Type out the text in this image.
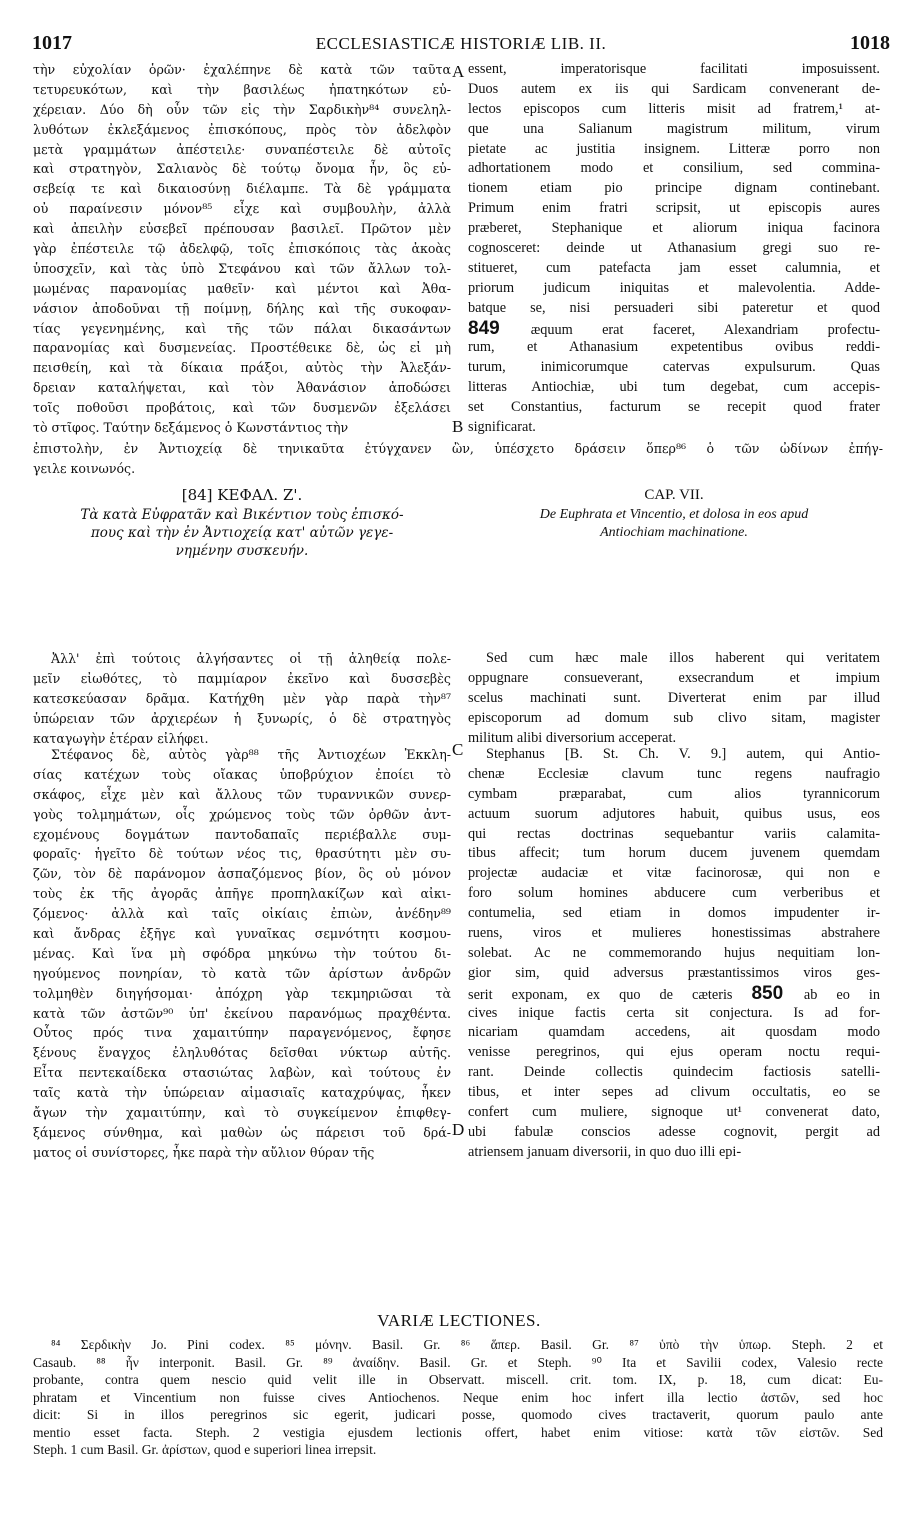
1017	ECCLESIASTICÆ HISTORIÆ LIB. II.	1018
τὴν εὐχολίαν ὁρῶν· ἐχαλέπηνε δὲ κατὰ τῶν ταῦτα
τετυρευκότων, καὶ τὴν βασιλέως ἠπατηκότων εὐ-
χέρειαν. Δύο δὴ οὖν τῶν εἰς τὴν Σαρδικὴν⁸⁴ συνεληλ-
λυθότων ἐκλεξάμενος ἐπισκόπους, πρὸς τὸν ἀδελφὸν
μετὰ γραμμάτων ἀπέστειλε· συναπέστειλε δὲ αὐτοῖς
καὶ στρατηγὸν, Σαλιανὸς δὲ τούτῳ ὄνομα ἦν, ὃς εὐ-
σεβείᾳ τε καὶ δικαιοσύνῃ διέλαμπε. Τὰ δὲ γράμματα
οὐ παραίνεσιν μόνον⁸⁵ εἶχε καὶ συμβουλὴν, ἀλλὰ
καὶ ἀπειλὴν εὐσεβεῖ πρέπουσαν βασιλεῖ. Πρῶτον μὲν
γὰρ ἐπέστειλε τῷ ἀδελφῷ, τοῖς ἐπισκόποις τὰς ἀκοὰς
ὑποσχεῖν, καὶ τὰς ὑπὸ Στεφάνου καὶ τῶν ἄλλων τολ-
μωμένας παρανομίας μαθεῖν· καὶ μέντοι καὶ Ἀθα-
νάσιον ἀποδοῦναι τῇ ποίμνῃ, δήλης καὶ τῆς συκοφαν-
τίας γεγενημένης, καὶ τῆς τῶν πάλαι δικασάντων
παρανομίας καὶ δυσμενείας. Προστέθεικε δὲ, ὡς εἰ μὴ
πεισθείη, καὶ τὰ δίκαια πράξοι, αὐτὸς τὴν Ἀλεξάν-
δρειαν καταλήψεται, καὶ τὸν Ἀθανάσιον ἀποδώσει
τοῖς ποθοῦσι προβάτοις, καὶ τῶν δυσμενῶν ἐξελάσει
τὸ στῖφος. Ταύτην δεξάμενος ὁ Κωνστάντιος τὴν
essent, imperatorisque facilitati imposuissent.
Duos autem ex iis qui Sardicam convenerant de-
lectos episcopos cum litteris misit ad fratrem,¹ at-
que una Salianum magistrum militum, virum
pietate ac justitia insignem. Litteræ porro non
adhortationem modo et consilium, sed commina-
tionem etiam pio principe dignam continebant.
Primum enim fratri scripsit, ut episcopis aures
præberet, Stephanique et aliorum iniqua facinora
cognosceret: deinde ut Athanasium gregi suo re-
stitueret, cum patefacta jam esset calumnia, et
priorum judicum iniquitas et malevolentia. Adde-
batque se, nisi persuaderi sibi pateretur et quod
849 æquum erat faceret, Alexandriam profectu-
rum, et Athanasium expetentibus ovibus reddi-
turum, inimicorumque catervas expulsurum. Quas
litteras Antiochiæ, ubi tum degebat, cum accepis-
set Constantius, facturum se recepit quod frater
significarat.
A
B
ἐπιστολὴν, ἐν Ἀντιοχείᾳ δὲ τηνικαῦτα ἐτύγχανεν ὢν, ὑπέσχετο δράσειν ὅπερ⁸⁶ ὁ τῶν ὠδίνων ἐπήγ-
γειλε κοινωνός.
[84] ΚΕΦΑΛ. Ζ'.
Τὰ κατὰ Εὐφρατᾶν καὶ Βικέντιον τοὺς ἐπισκό-
πους καὶ τὴν ἐν Ἀντιοχείᾳ κατ' αὐτῶν γεγε-
νημένην συσκευήν.
CAP. VII.
De Euphrata et Vincentio, et dolosa in eos apud
Antiochiam machinatione.
Ἀλλ' ἐπὶ τούτοις ἀλγήσαντες οἱ τῇ ἀληθείᾳ πολε-
μεῖν εἰωθότες, τὸ παμμίαρον ἐκεῖνο καὶ δυσσεβὲς
κατεσκεύασαν δρᾶμα. Κατήχθη μὲν γὰρ παρὰ τὴν⁸⁷
ὑπώρειαν τῶν ἀρχιερέων ἡ ξυνωρίς, ὁ δὲ στρατηγὸς
καταγωγὴν ἑτέραν εἰλήφει.
Sed cum hæc male illos haberent qui veritatem
oppugnare consueverant, exsecrandum et impium
scelus machinati sunt. Diverterat enim par illud
episcoporum ad domum sub clivo sitam, magister
militum alibi diversorium acceperat.
Στέφανος δὲ, αὐτὸς γὰρ⁸⁸ τῆς Ἀντιοχέων Ἐκκλη-
σίας κατέχων τοὺς οἴακας ὑποβρύχιον ἐποίει τὸ
σκάφος, εἶχε μὲν καὶ ἄλλους τῶν τυραννικῶν συνερ-
γοὺς τολμημάτων, οἷς χρώμενος τοὺς τῶν ὀρθῶν ἀντ-
εχομένους δογμάτων παντοδαπαῖς περιέβαλλε συμ-
φοραῖς· ἡγεῖτο δὲ τούτων νέος τις, θρασύτητι μὲν συ-
ζῶν, τὸν δὲ παράνομον ἀσπαζόμενος βίον, ὃς οὐ μόνον
τοὺς ἐκ τῆς ἀγορᾶς ἀπῆγε προπηλακίζων καὶ αἰκι-
ζόμενος· ἀλλὰ καὶ ταῖς οἰκίαις ἐπιὼν, ἀνέδην⁸⁹
καὶ ἄνδρας ἐξῆγε καὶ γυναῖκας σεμνότητι κοσμου-
μένας. Καὶ ἵνα μὴ σφόδρα μηκύνω τὴν τούτου δι-
ηγούμενος πονηρίαν, τὸ κατὰ τῶν ἀρίστων ἀνδρῶν
τολμηθὲν διηγήσομαι· ἀπόχρη γὰρ τεκμηριῶσαι τὰ
κατὰ τῶν ἀστῶν⁹⁰ ὑπ' ἐκείνου παρανόμως πραχθέντα.
Οὗτος πρός τινα χαμαιτύπην παραγενόμενος, ἔφησε
ξένους ἔναγχος ἐληλυθότας δεῖσθαι νύκτωρ αὐτῆς.
Εἶτα πεντεκαίδεκα στασιώτας λαβὼν, καὶ τούτους ἐν
ταῖς κατὰ τὴν ὑπώρειαν αἱμασιαῖς καταχρύψας, ἧκεν
ἄγων τὴν χαμαιτύπην, καὶ τὸ συγκείμενον ἐπιφθεγ-
ξάμενος σύνθημα, καὶ μαθὼν ὡς πάρεισι τοῦ δρά-
ματος οἱ συνίστορες, ἧκε παρὰ τὴν αὔλιον θύραν τῆς
Stephanus [B. St. Ch. V. 9.] autem, qui Antio-
chenæ Ecclesiæ clavum tunc regens naufragio
cymbam præparabat, cum alios tyrannicorum
actuum suorum adjutores habuit, quibus usus, eos
qui rectas doctrinas sequebantur variis calamita-
tibus affecit; tum horum ducem juvenem quemdam
projectæ audaciæ et vitæ facinorosæ, qui non e
foro solum homines abducere cum verberibus et
contumelia, sed etiam in domos impudenter ir-
ruens, viros et mulieres honestissimas abstrahere
solebat. Ac ne commemorando hujus nequitiam lon-
gior sim, quid adversus præstantissimos viros ges-
serit exponam, ex quo de cæteris 850 ab eo in
cives inique factis certa sit conjectura. Is ad for-
nicariam quamdam accedens, ait quosdam modo
venisse peregrinos, qui ejus operam noctu requi-
rant. Deinde collectis quindecim factiosis satelli-
tibus, et inter sepes ad clivum occultatis, eo se
confert cum muliere, signoque ut¹ convenerat dato,
ubi fabulæ conscios adesse cognovit, pergit ad
atriensem januam diversorii, in quo duo illi epi-
C
D
VARIÆ LECTIONES.
⁸⁴ Σερδικὴν Jo. Pini codex. ⁸⁵ μόνην. Basil. Gr. ⁸⁶ ἅπερ. Basil. Gr. ⁸⁷ ὑπὸ τὴν ὑπωρ. Steph. 2 et
Casaub. ⁸⁸ ἦν interponit. Basil. Gr. ⁸⁹ ἀναίδην. Basil. Gr. et Steph. ⁹⁰ Ita et Savilii codex, Valesio recte
probante, contra quem nescio quid velit ille in Observatt. miscell. crit. tom. IX, p. 18, cum dicat: Eu-
phratam et Vincentium non fuisse cives Antiochenos. Neque enim hoc infert illa lectio ἀστῶν, sed hoc
dicit: Si in illos peregrinos sic egerit, judicari posse, quomodo cives tractaverit, quorum paulo ante
mentio esset facta. Steph. 2 vestigia ejusdem lectionis offert, habet enim vitiose: κατὰ τῶν εἰστῶν. Sed
Steph. 1 cum Basil. Gr. ἀρίστων, quod e superiori linea irrepsit.
